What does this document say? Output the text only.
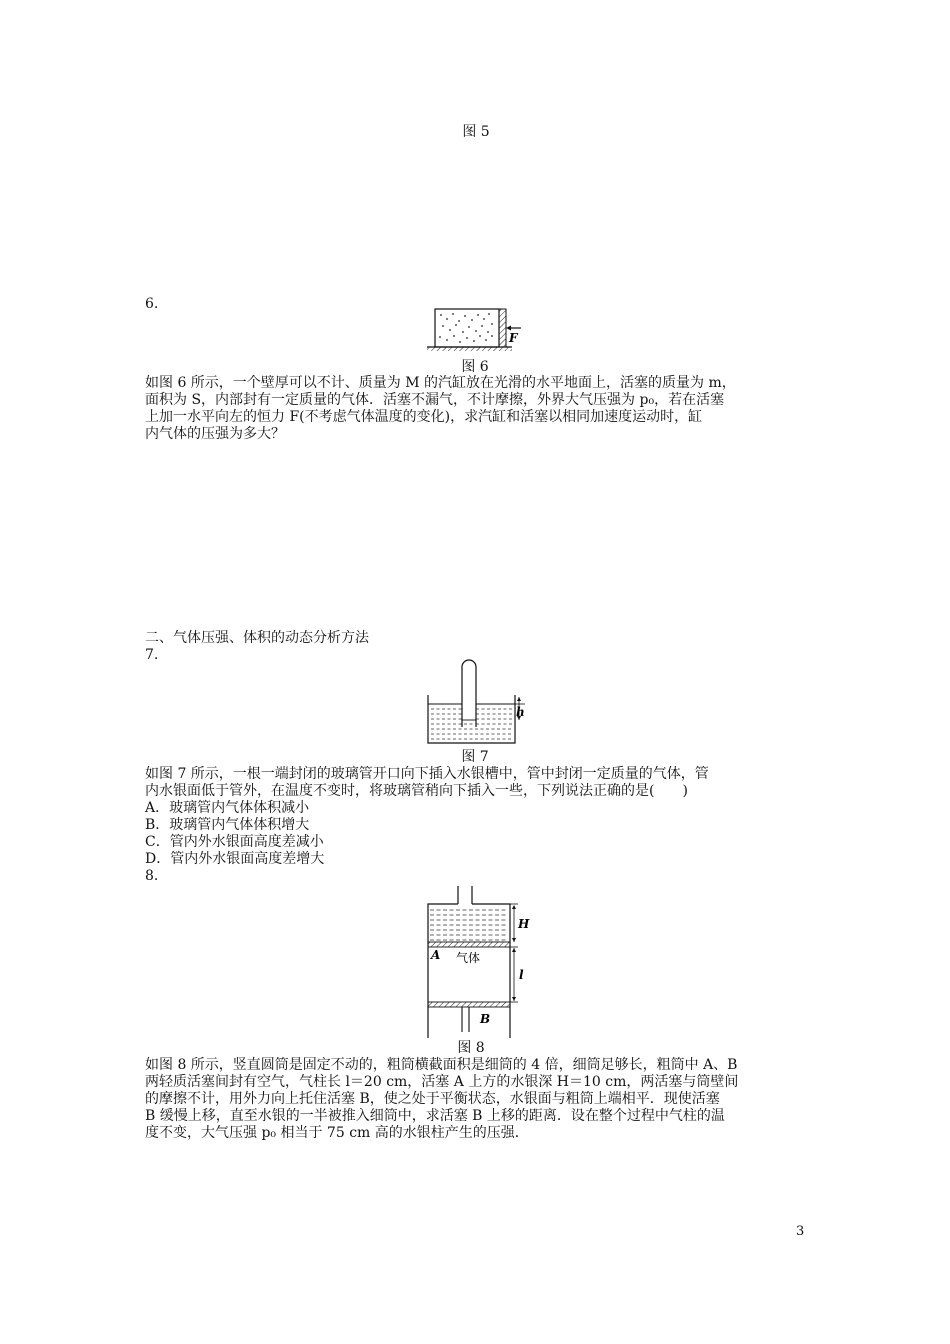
图 5
6.
F
图 6

如图 6 所示，一个壁厚可以不计、质量为 M 的汽缸放在光滑的水平地面上，活塞的质量为 m，

面积为 S，内部封有一定质量的气体．活塞不漏气，不计摩擦，外界大气压强为 p₀，若在活塞

上加一水平向左的恒力 F(不考虑气体温度的变化)，求汽缸和活塞以相同加速度运动时，缸

内气体的压强为多大？

二、气体压强、体积的动态分析方法
7.
h
图 7

如图 7 所示，一根一端封闭的玻璃管开口向下插入水银槽中，管中封闭一定质量的气体，管

内水银面低于管外，在温度不变时，将玻璃管稍向下插入一些，下列说法正确的是(　　)

A．玻璃管内气体体积减小

B．玻璃管内气体体积增大

C．管内外水银面高度差减小

D．管内外水银面高度差增大

8.
A 气体
B
H
l
图 8

如图 8 所示，竖直圆筒是固定不动的，粗筒横截面积是细筒的 4 倍，细筒足够长，粗筒中 A、B

两轻质活塞间封有空气，气柱长 l＝20 cm，活塞 A 上方的水银深 H＝10 cm，两活塞与筒壁间

的摩擦不计，用外力向上托住活塞 B，使之处于平衡状态，水银面与粗筒上端相平．现使活塞

B 缓慢上移，直至水银的一半被推入细筒中，求活塞 B 上移的距离．设在整个过程中气柱的温

度不变，大气压强 p₀ 相当于 75 cm 高的水银柱产生的压强．

3
